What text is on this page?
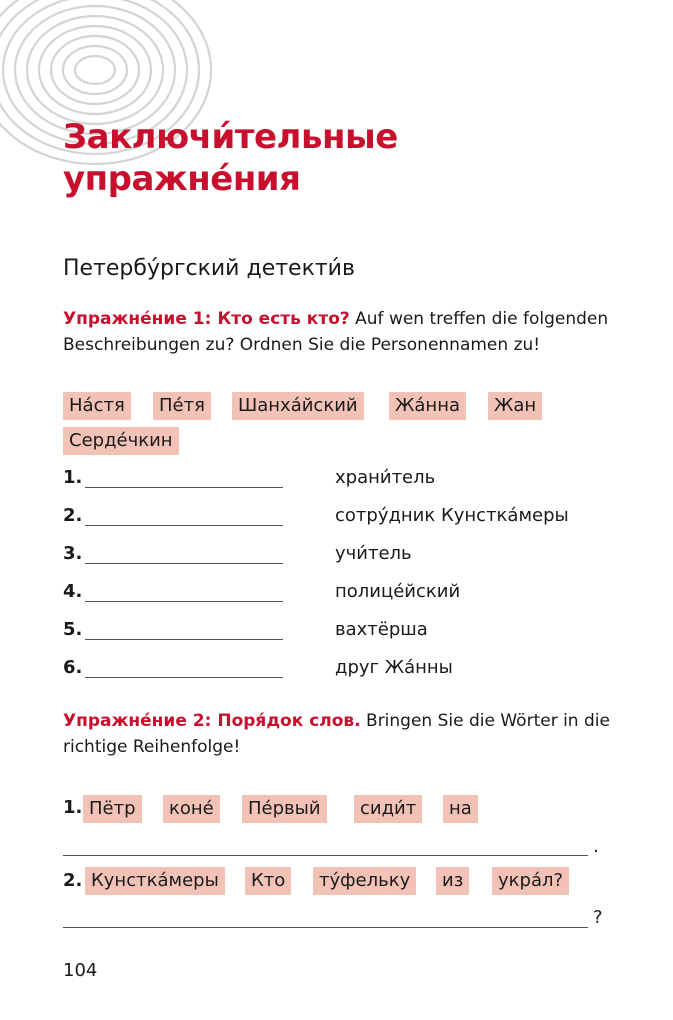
Заключи́тельные
упражне́ния
Петербу́ргский детекти́в

Упражне́ние 1: Кто есть кто? Auf wen treffen die folgenden Beschreibungen zu? Ordnen Sie die Personennamen zu!

На́стя	Пе́тя	Шанха́йский	Жа́нна	Жан
Серде́чкин
1.	храни́тель
2.	сотру́дник Кунстка́меры
3.	учи́тель
4.	полице́йский
5.	вахтёрша
6.	друг Жа́нны

Упражне́ние 2: Поря́док слов. Bringen Sie die Wörter in die richtige Reihenfolge!

1. Пётр	коне́	Пе́рвый	сиди́т	на
.
2. Кунстка́меры	Кто	ту́фельку	из	укра́л?
?
104
